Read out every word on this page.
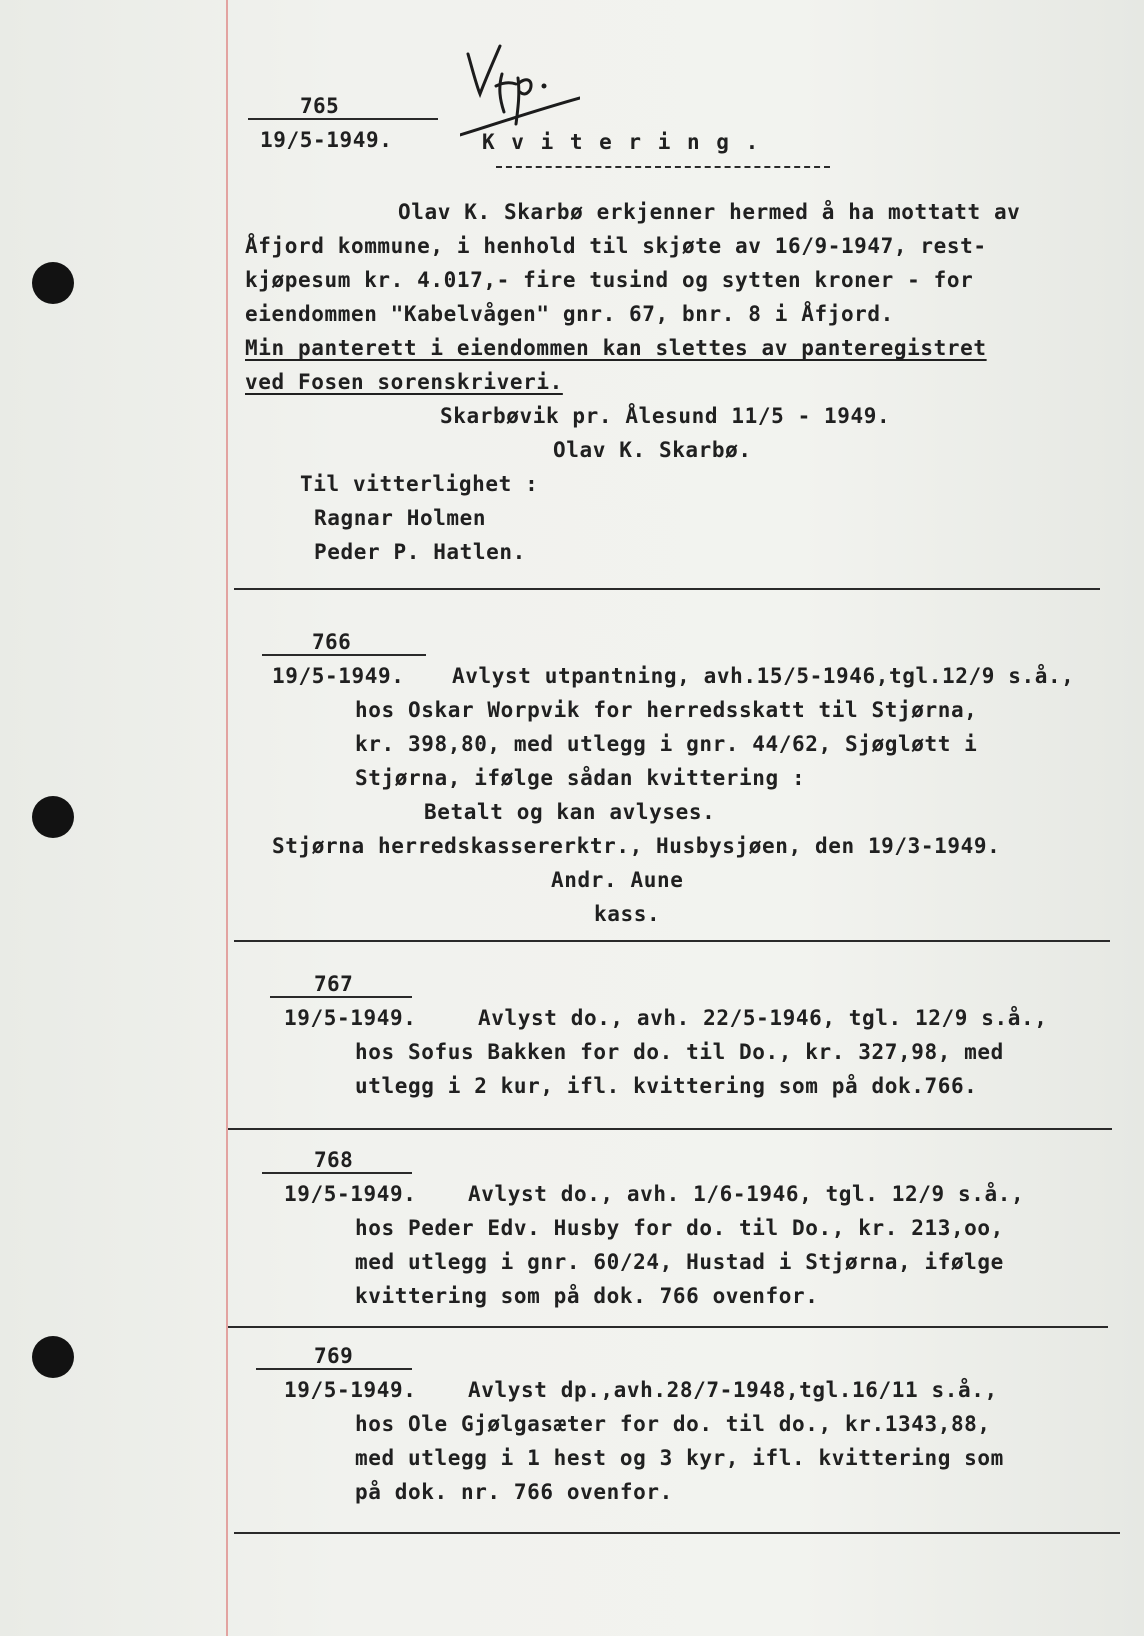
765
19/5-1949.	K v i t e r i n g .
Olav K. Skarbø erkjenner hermed å ha mottatt av
Åfjord kommune, i henhold til skjøte av 16/9-1947, rest-
kjøpesum kr. 4.017,- fire tusind og sytten kroner - for
eiendommen "Kabelvågen" gnr. 67, bnr. 8 i Åfjord.
Min panterett i eiendommen kan slettes av panteregistret
ved Fosen sorenskriveri.
Skarbøvik pr. Ålesund 11/5 - 1949.
Olav K. Skarbø.
Til vitterlighet :
Ragnar Holmen
Peder P. Hatlen.
766
19/5-1949. Avlyst utpantning, avh.15/5-1946,tgl.12/9 s.å.,
hos Oskar Worpvik for herredsskatt til Stjørna,
kr. 398,80, med utlegg i gnr. 44/62, Sjøgløtt i
Stjørna, ifølge sådan kvittering :
Betalt og kan avlyses.
Stjørna herredskassererktr., Husbysjøen, den 19/3-1949.
Andr. Aune
kass.
767
19/5-1949.	Avlyst do., avh. 22/5-1946, tgl. 12/9 s.å.,
hos Sofus Bakken for do. til Do., kr. 327,98, med
utlegg i 2 kur, ifl. kvittering som på dok.766.
768
19/5-1949. Avlyst do., avh. 1/6-1946, tgl. 12/9 s.å.,
hos Peder Edv. Husby for do. til Do., kr. 213,oo,
med utlegg i gnr. 60/24, Hustad i Stjørna, ifølge
kvittering som på dok. 766 ovenfor.
769
19/5-1949. Avlyst dp.,avh.28/7-1948,tgl.16/11 s.å.,
hos Ole Gjølgasæter for do. til do., kr.1343,88,
med utlegg i 1 hest og 3 kyr, ifl. kvittering som
på dok. nr. 766 ovenfor.
